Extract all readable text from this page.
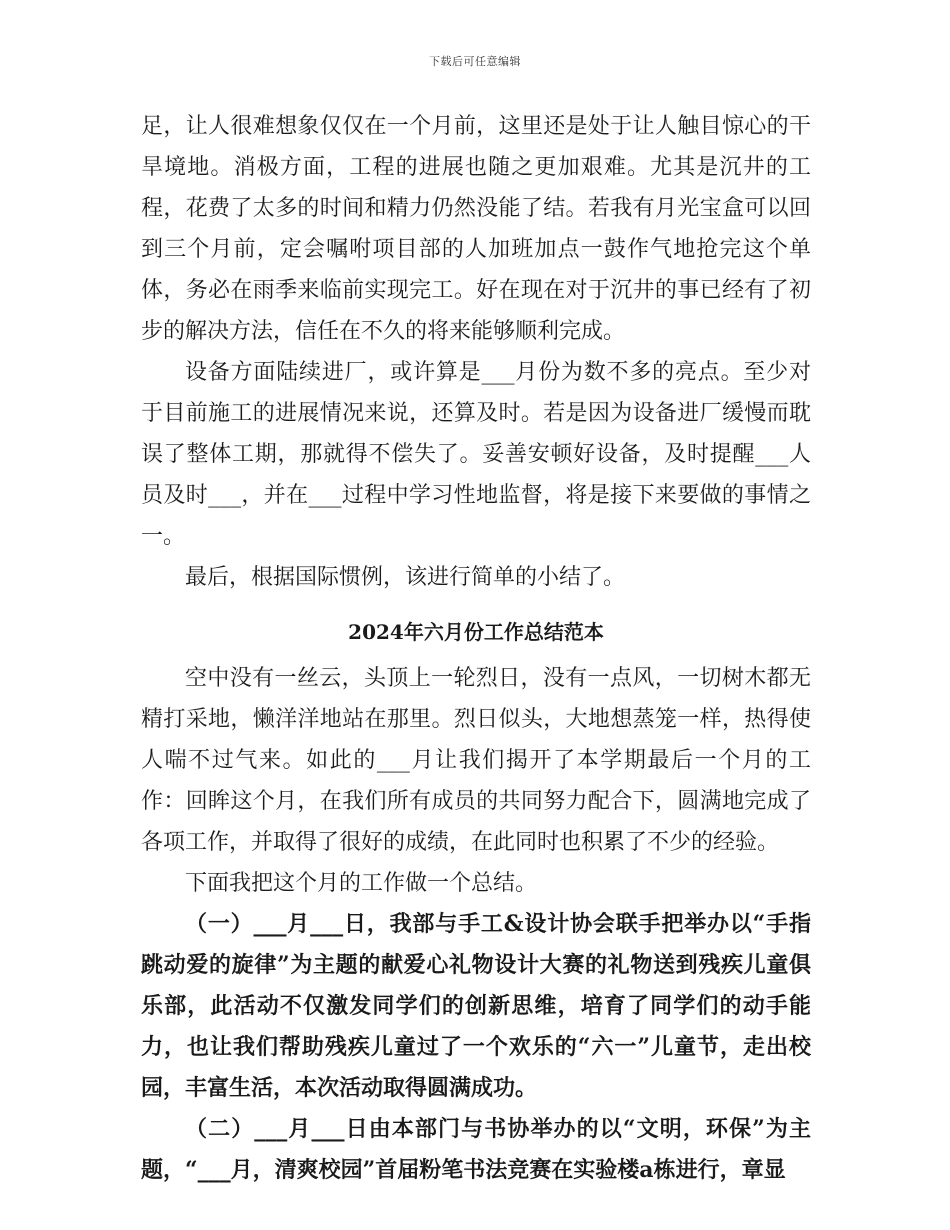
下载后可任意编辑

足，让人很难想象仅仅在一个月前，这里还是处于让人触目惊心的干旱境地。消极方面，工程的进展也随之更加艰难。尤其是沉井的工程，花费了太多的时间和精力仍然没能了结。若我有月光宝盒可以回到三个月前，定会嘱咐项目部的人加班加点一鼓作气地抢完这个单体，务必在雨季来临前实现完工。好在现在对于沉井的事已经有了初步的解决方法，信任在不久的将来能够顺利完成。

设备方面陆续进厂，或许算是___月份为数不多的亮点。至少对于目前施工的进展情况来说，还算及时。若是因为设备进厂缓慢而耽误了整体工期，那就得不偿失了。妥善安顿好设备，及时提醒___人员及时___，并在___过程中学习性地监督，将是接下来要做的事情之一。

最后，根据国际惯例，该进行简单的小结了。

2024年六月份工作总结范本

空中没有一丝云，头顶上一轮烈日，没有一点风，一切树木都无精打采地，懒洋洋地站在那里。烈日似头，大地想蒸笼一样，热得使人喘不过气来。如此的___月让我们揭开了本学期最后一个月的工作：回眸这个月，在我们所有成员的共同努力配合下，圆满地完成了各项工作，并取得了很好的成绩，在此同时也积累了不少的经验。

下面我把这个月的工作做一个总结。

（一）___月___日，我部与手工&设计协会联手把举办以“手指跳动爱的旋律”为主题的献爱心礼物设计大赛的礼物送到残疾儿童俱乐部，此活动不仅激发同学们的创新思维，培育了同学们的动手能力，也让我们帮助残疾儿童过了一个欢乐的“六一”儿童节，走出校园，丰富生活，本次活动取得圆满成功。

（二）___月___日由本部门与书协举办的以“文明，环保”为主题，“___月，清爽校园”首届粉笔书法竞赛在实验楼a栋进行，章显
